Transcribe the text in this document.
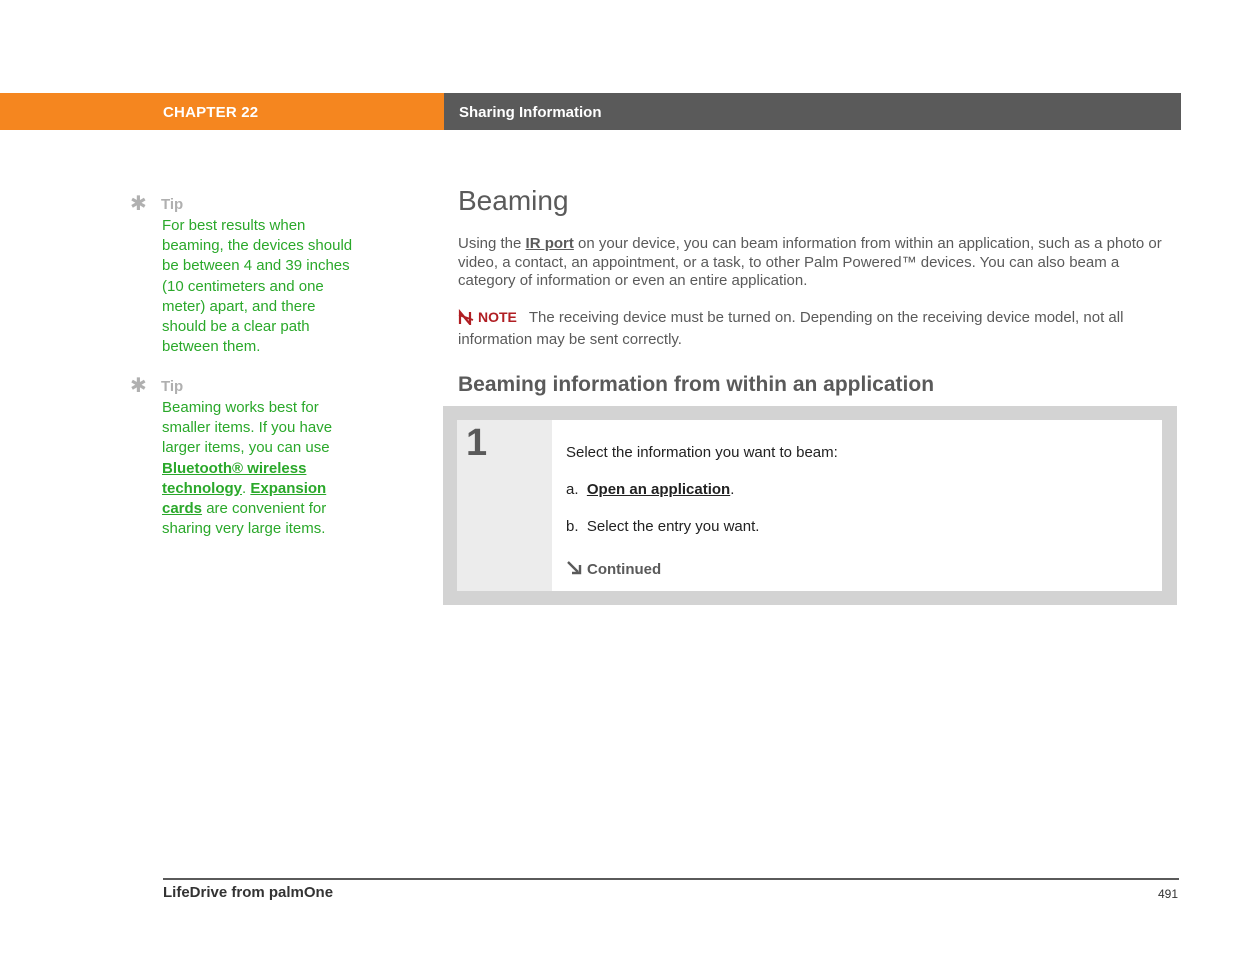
CHAPTER 22	Sharing Information
✱ Tip
For best results when beaming, the devices should be between 4 and 39 inches (10 centimeters and one meter) apart, and there should be a clear path between them.
✱ Tip
Beaming works best for smaller items. If you have larger items, you can use Bluetooth® wireless technology. Expansion cards are convenient for sharing very large items.
Beaming
Using the IR port on your device, you can beam information from within an application, such as a photo or video, a contact, an appointment, or a task, to other Palm Powered™ devices. You can also beam a category of information or even an entire application.
NOTE The receiving device must be turned on. Depending on the receiving device model, not all information may be sent correctly.
Beaming information from within an application
1	Select the information you want to beam:
a. Open an application.
b. Select the entry you want.
Continued
LifeDrive from palmOne	491
